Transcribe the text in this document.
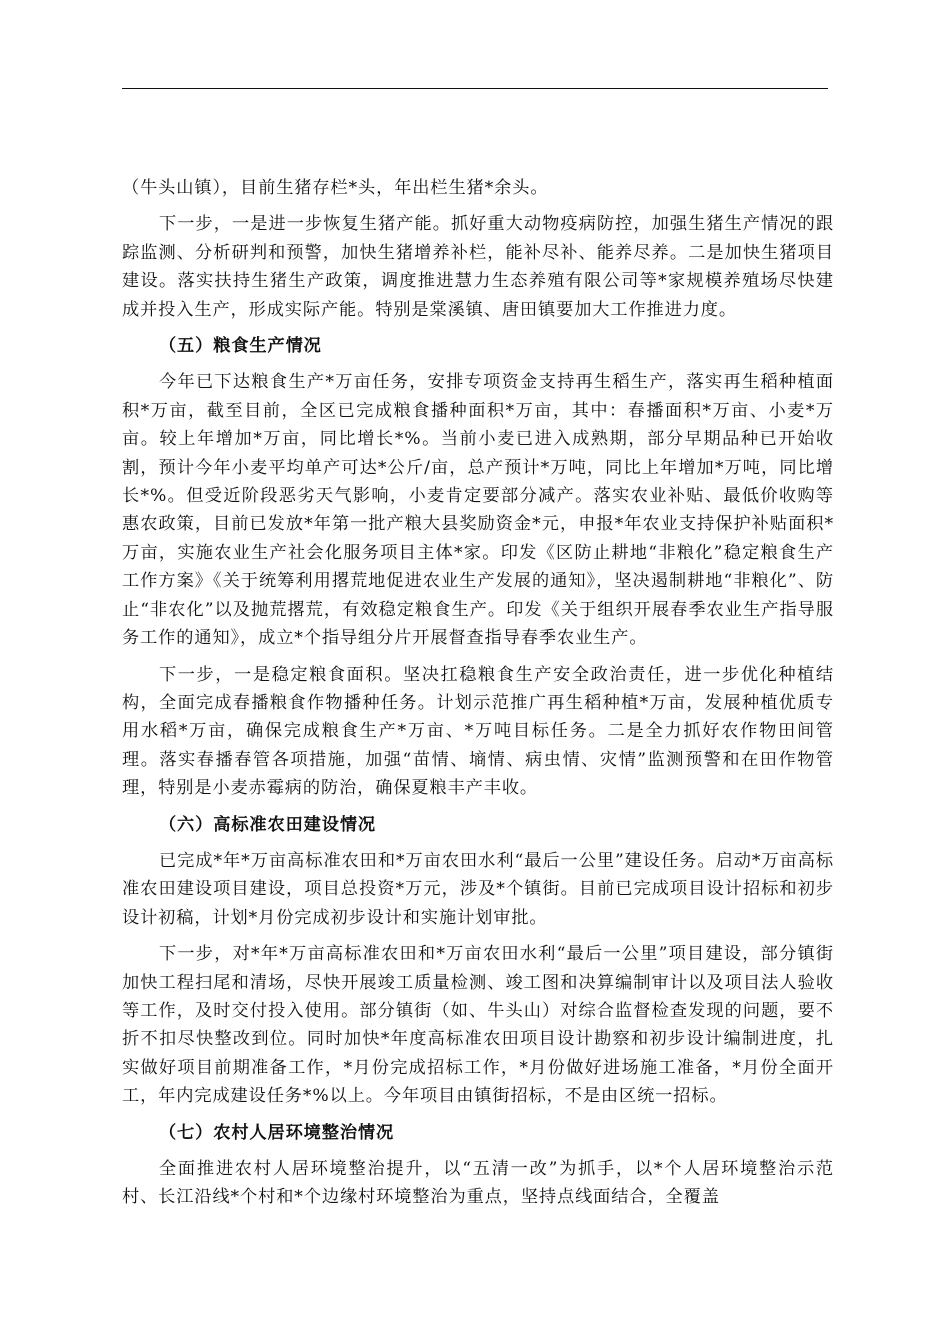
（牛头山镇），目前生猪存栏*头，年出栏生猪*余头。

下一步，一是进一步恢复生猪产能。抓好重大动物疫病防控，加强生猪生产情况的跟踪监测、分析研判和预警，加快生猪增养补栏，能补尽补、能养尽养。二是加快生猪项目建设。落实扶持生猪生产政策，调度推进慧力生态养殖有限公司等*家规模养殖场尽快建成并投入生产，形成实际产能。特别是棠溪镇、唐田镇要加大工作推进力度。

（五）粮食生产情况

今年已下达粮食生产*万亩任务，安排专项资金支持再生稻生产，落实再生稻种植面积*万亩，截至目前，全区已完成粮食播种面积*万亩，其中：春播面积*万亩、小麦*万亩。较上年增加*万亩，同比增长*%。当前小麦已进入成熟期，部分早期品种已开始收割，预计今年小麦平均单产可达*公斤/亩，总产预计*万吨，同比上年增加*万吨，同比增长*%。但受近阶段恶劣天气影响，小麦肯定要部分减产。落实农业补贴、最低价收购等惠农政策，目前已发放*年第一批产粮大县奖励资金*元，申报*年农业支持保护补贴面积*万亩，实施农业生产社会化服务项目主体*家。印发《区防止耕地“非粮化”稳定粮食生产工作方案》《关于统筹利用撂荒地促进农业生产发展的通知》，坚决遏制耕地“非粮化”、防止“非农化”以及抛荒撂荒，有效稳定粮食生产。印发《关于组织开展春季农业生产指导服务工作的通知》，成立*个指导组分片开展督查指导春季农业生产。

下一步，一是稳定粮食面积。坚决扛稳粮食生产安全政治责任，进一步优化种植结构，全面完成春播粮食作物播种任务。计划示范推广再生稻种植*万亩，发展种植优质专用水稻*万亩，确保完成粮食生产*万亩、*万吨目标任务。二是全力抓好农作物田间管理。落实春播春管各项措施，加强“苗情、墒情、病虫情、灾情”监测预警和在田作物管理，特别是小麦赤霉病的防治，确保夏粮丰产丰收。

（六）高标准农田建设情况

已完成*年*万亩高标准农田和*万亩农田水利“最后一公里”建设任务。启动*万亩高标准农田建设项目建设，项目总投资*万元，涉及*个镇街。目前已完成项目设计招标和初步设计初稿，计划*月份完成初步设计和实施计划审批。

下一步，对*年*万亩高标准农田和*万亩农田水利“最后一公里”项目建设，部分镇街加快工程扫尾和清场，尽快开展竣工质量检测、竣工图和决算编制审计以及项目法人验收等工作，及时交付投入使用。部分镇街（如、牛头山）对综合监督检查发现的问题，要不折不扣尽快整改到位。同时加快*年度高标准农田项目设计勘察和初步设计编制进度，扎实做好项目前期准备工作，*月份完成招标工作，*月份做好进场施工准备，*月份全面开工，年内完成建设任务*%以上。今年项目由镇街招标，不是由区统一招标。

（七）农村人居环境整治情况

全面推进农村人居环境整治提升，以“五清一改”为抓手，以*个人居环境整治示范村、长江沿线*个村和*个边缘村环境整治为重点，坚持点线面结合，全覆盖
